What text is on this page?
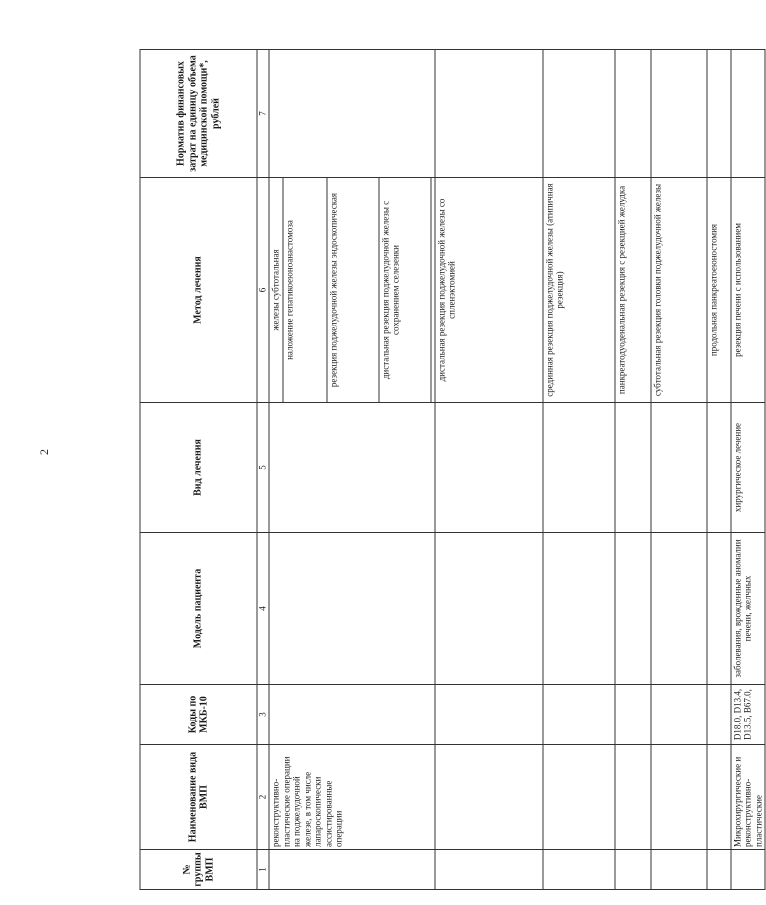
2
№ группы ВМП	Наименование вида ВМП	Коды по МКБ-10	Модель пациента	Вид лечения	Метод лечения	Норматив финансовых затрат на единицу объема медицинской помощи*, рублей
1	2	3	4	5	6	7
	реконструктивно-пластические операции на поджелудочной железе, в том числе лапароскопически ассистированные операции				железы субтотальная	
					наложение гепатикоеюноанастомоза	
					резекция поджелудочной железы эндоскопическая	
					дистальная резекция поджелудочной железы с сохранением селезенки	

					дистальная резекция поджелудочной железы со спленэктомией	
					срединная резекция поджелудочной железы (атипичная резекция)	
					панкреатодуоденальная резекция с резекцией желудка	
					субтотальная резекция головки поджелудочной железы	
					продольная панкреатоеюностомия	
	Микрохирургические и реконструктивно-пластические	D18.0, D13.4, D13.5, B67.0,	заболевания, врожденные аномалии печени, желчных	хирургическое лечение	резекция печени с использованием	
